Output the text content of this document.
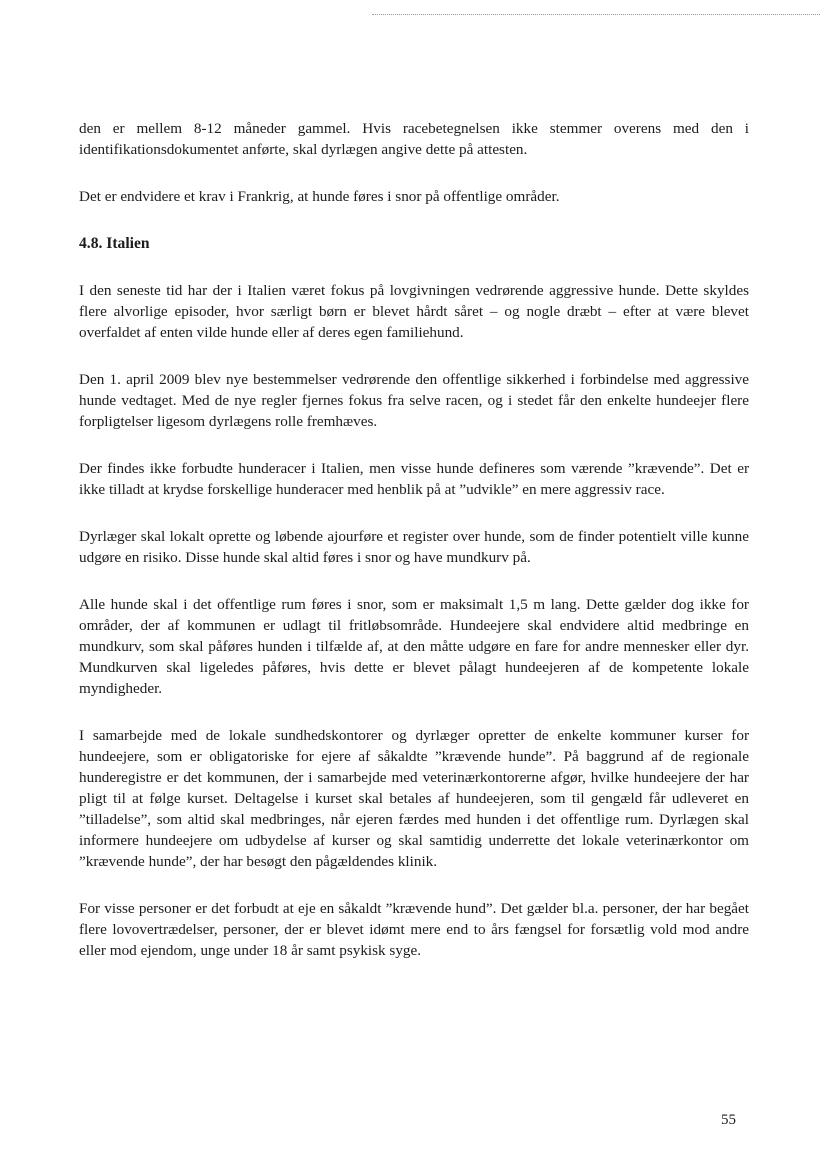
den er mellem 8-12 måneder gammel. Hvis racebetegnelsen ikke stemmer overens med den i identifikationsdokumentet anførte, skal dyrlægen angive dette på attesten.

Det er endvidere et krav i Frankrig, at hunde føres i snor på offentlige områder.

4.8. Italien

I den seneste tid har der i Italien været fokus på lovgivningen vedrørende aggressive hunde. Dette skyldes flere alvorlige episoder, hvor særligt børn er blevet hårdt såret – og nogle dræbt – efter at være blevet overfaldet af enten vilde hunde eller af deres egen familiehund.

Den 1. april 2009 blev nye bestemmelser vedrørende den offentlige sikkerhed i forbindelse med aggressive hunde vedtaget. Med de nye regler fjernes fokus fra selve racen, og i stedet får den enkelte hundeejer flere forpligtelser ligesom dyrlægens rolle fremhæves.

Der findes ikke forbudte hunderacer i Italien, men visse hunde defineres som værende ”krævende”. Det er ikke tilladt at krydse forskellige hunderacer med henblik på at ”udvikle” en mere aggressiv race.

Dyrlæger skal lokalt oprette og løbende ajourføre et register over hunde, som de finder potentielt ville kunne udgøre en risiko. Disse hunde skal altid føres i snor og have mundkurv på.

Alle hunde skal i det offentlige rum føres i snor, som er maksimalt 1,5 m lang. Dette gælder dog ikke for områder, der af kommunen er udlagt til fritløbsområde. Hundeejere skal endvidere altid medbringe en mundkurv, som skal påføres hunden i tilfælde af, at den måtte udgøre en fare for andre mennesker eller dyr. Mundkurven skal ligeledes påføres, hvis dette er blevet pålagt hundeejeren af de kompetente lokale myndigheder.

I samarbejde med de lokale sundhedskontorer og dyrlæger opretter de enkelte kommuner kurser for hundeejere, som er obligatoriske for ejere af såkaldte ”krævende hunde”. På baggrund af de regionale hunderegistre er det kommunen, der i samarbejde med veterinærkontorerne afgør, hvilke hundeejere der har pligt til at følge kurset. Deltagelse i kurset skal betales af hundeejeren, som til gengæld får udleveret en ”tilladelse”, som altid skal medbringes, når ejeren færdes med hunden i det offentlige rum. Dyrlægen skal informere hundeejere om udbydelse af kurser og skal samtidig underrette det lokale veterinærkontor om ”krævende hunde”, der har besøgt den pågældendes klinik.

For visse personer er det forbudt at eje en såkaldt ”krævende hund”. Det gælder bl.a. personer, der har begået flere lovovertrædelser, personer, der er blevet idømt mere end to års fængsel for forsætlig vold mod andre eller mod ejendom, unge under 18 år samt psykisk syge.

55
